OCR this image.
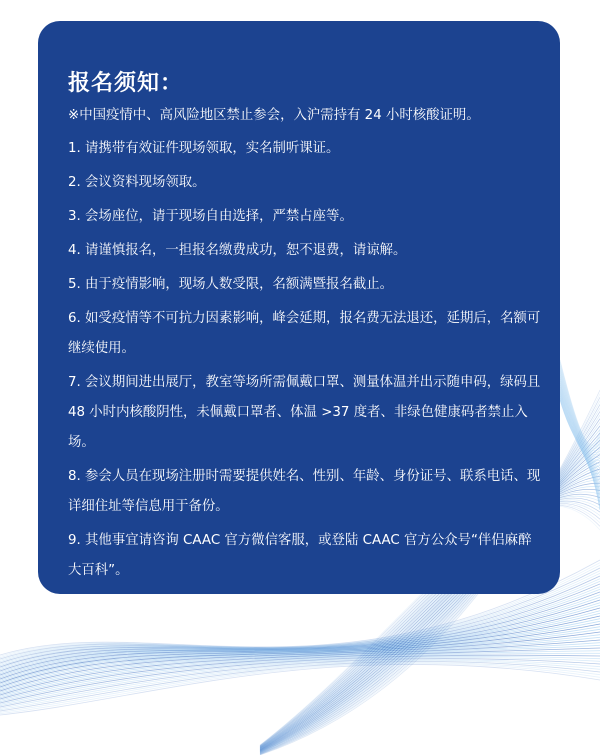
报名须知：
※中国疫情中、高风险地区禁止参会，入沪需持有 24 小时核酸证明。
1. 请携带有效证件现场领取，实名制听课证。
2. 会议资料现场领取。
3. 会场座位，请于现场自由选择，严禁占座等。
4. 请谨慎报名，一担报名缴费成功，恕不退费，请谅解。
5. 由于疫情影响，现场人数受限，名额满暨报名截止。
6. 如受疫情等不可抗力因素影响，峰会延期，报名费无法退还，延期后，名额可继续使用。
7. 会议期间进出展厅，教室等场所需佩戴口罩、测量体温并出示随申码，绿码且 48 小时内核酸阴性，未佩戴口罩者、体温 >37 度者、非绿色健康码者禁止入场。
8. 参会人员在现场注册时需要提供姓名、性别、年龄、身份证号、联系电话、现详细住址等信息用于备份。
9. 其他事宜请咨询 CAAC 官方微信客服，或登陆 CAAC 官方公众号“伴侣麻醉大百科”。
